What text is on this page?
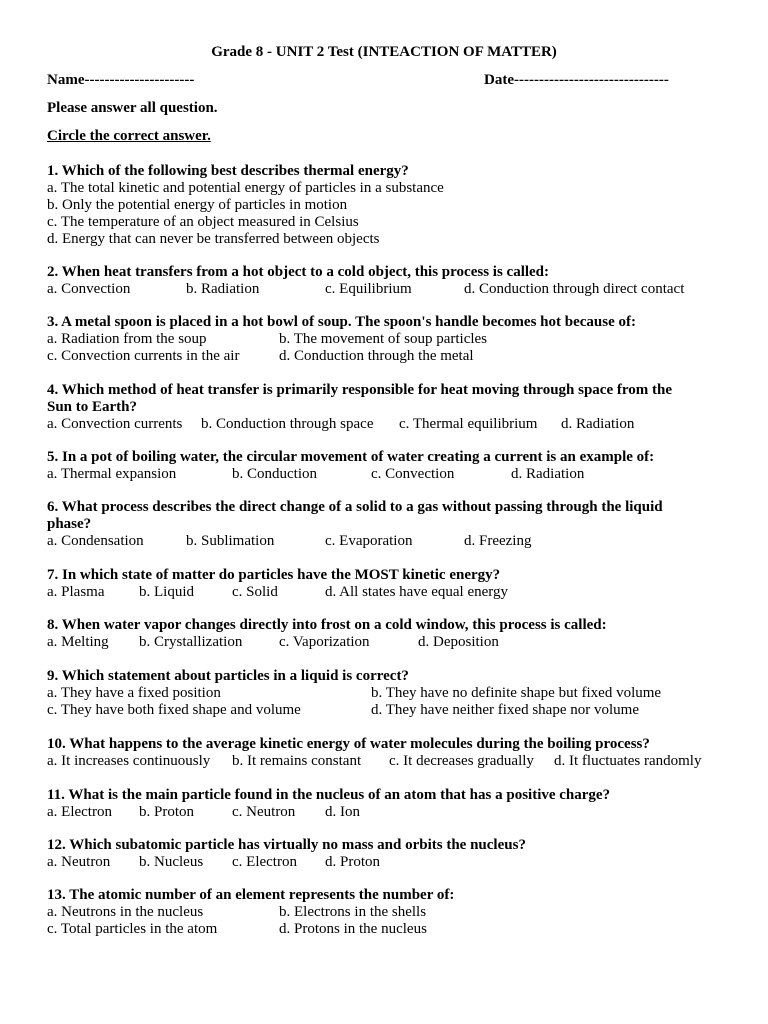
Grade 8 - UNIT 2 Test (INTEACTION OF MATTER)
Name----------------------	Date-------------------------------
Please answer all question.
Circle the correct answer.
1. Which of the following best describes thermal energy?
a. The total kinetic and potential energy of particles in a substance
b. Only the potential energy of particles in motion
c. The temperature of an object measured in Celsius
d. Energy that can never be transferred between objects
2. When heat transfers from a hot object to a cold object, this process is called:
a. Convection	b. Radiation	c. Equilibrium	d. Conduction through direct contact
3. A metal spoon is placed in a hot bowl of soup. The spoon's handle becomes hot because of:
a. Radiation from the soup	b. The movement of soup particles
c. Convection currents in the air	d. Conduction through the metal
4. Which method of heat transfer is primarily responsible for heat moving through space from the
Sun to Earth?
a. Convection currents b. Conduction through space c. Thermal equilibrium d. Radiation
5. In a pot of boiling water, the circular movement of water creating a current is an example of:
a. Thermal expansion	b. Conduction	c. Convection	d. Radiation
6. What process describes the direct change of a solid to a gas without passing through the liquid
phase?
a. Condensation	b. Sublimation	c. Evaporation	d. Freezing
7. In which state of matter do particles have the MOST kinetic energy?
a. Plasma b. Liquid	c. Solid	d. All states have equal energy
8. When water vapor changes directly into frost on a cold window, this process is called:
a. Melting b. Crystallization c. Vaporization	d. Deposition
9. Which statement about particles in a liquid is correct?
a. They have a fixed position	b. They have no definite shape but fixed volume
c. They have both fixed shape and volume	d. They have neither fixed shape nor volume
10. What happens to the average kinetic energy of water molecules during the boiling process?
a. It increases continuously b. It remains constant c. It decreases gradually d. It fluctuates randomly
11. What is the main particle found in the nucleus of an atom that has a positive charge?
a. Electron b. Proton	c. Neutron d. Ion
12. Which subatomic particle has virtually no mass and orbits the nucleus?
a. Neutron b. Nucleus c. Electron d. Proton
13. The atomic number of an element represents the number of:
a. Neutrons in the nucleus	b. Electrons in the shells
c. Total particles in the atom	d. Protons in the nucleus
